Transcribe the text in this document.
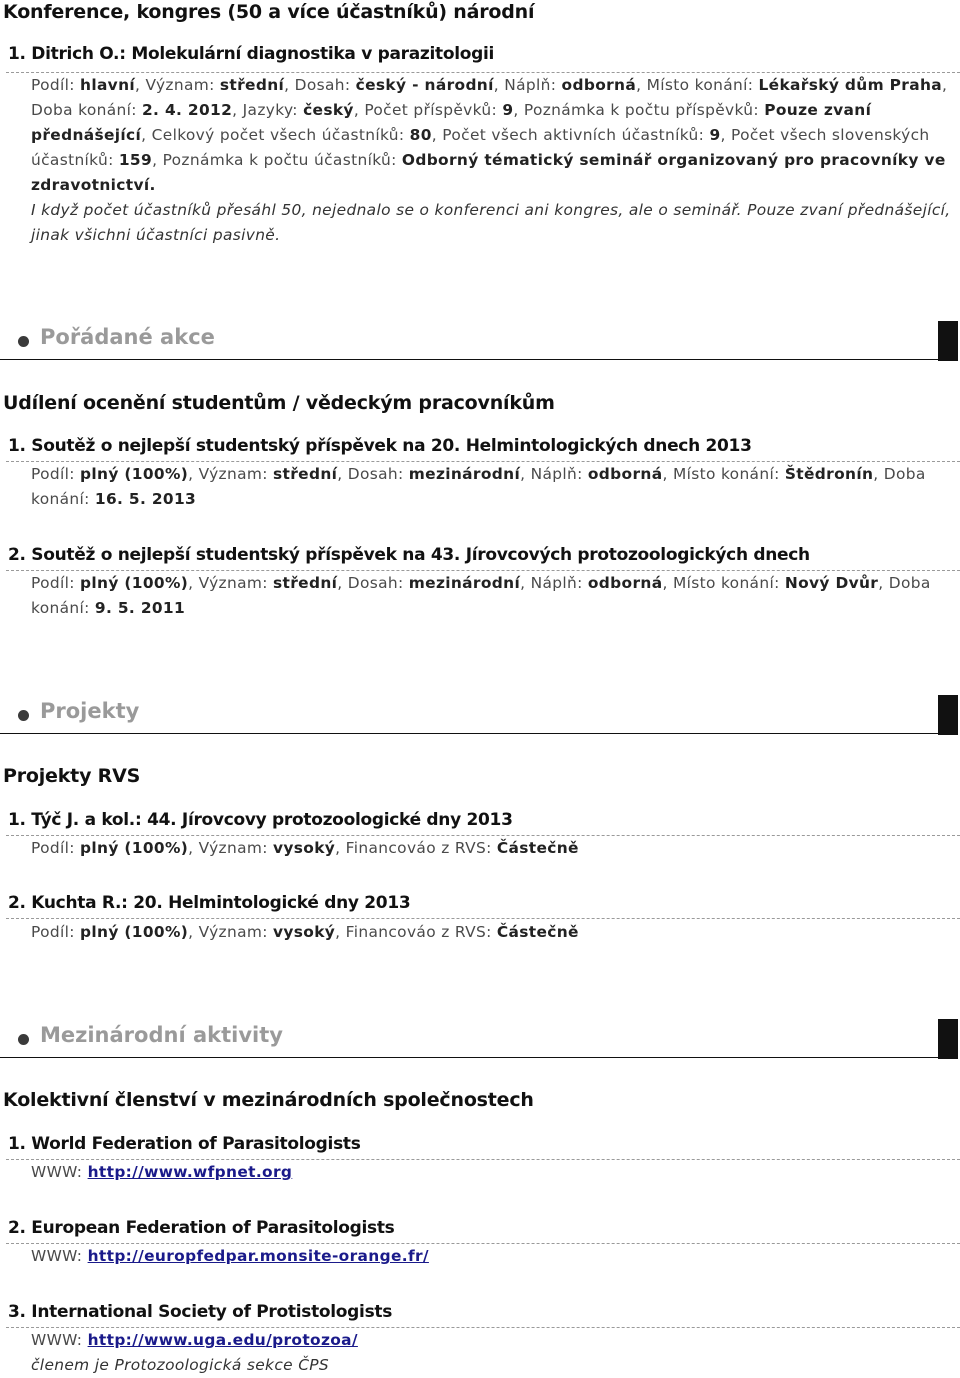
Konference, kongres (50 a více účastníků) národní
1. Ditrich O.: Molekulární diagnostika v parazitologii
Podíl: hlavní, Význam: střední, Dosah: český - národní, Náplň: odborná, Místo konání: Lékařský dům Praha, Doba konání: 2. 4. 2012, Jazyky: český, Počet příspěvků: 9, Poznámka k počtu příspěvků: Pouze zvaní přednášející, Celkový počet všech účastníků: 80, Počet všech aktivních účastníků: 9, Počet všech slovenských účastníků: 159, Poznámka k počtu účastníků: Odborný tématický seminář organizovaný pro pracovníky ve zdravotnictví.
I když počet účastníků přesáhl 50, nejednalo se o konferenci ani kongres, ale o seminář. Pouze zvaní přednášející, jinak všichni účastníci pasivně.
Pořádané akce
Udílení ocenění studentům / vědeckým pracovníkům
1. Soutěž o nejlepší studentský příspěvek na 20. Helmintologických dnech 2013
Podíl: plný (100%), Význam: střední, Dosah: mezinárodní, Náplň: odborná, Místo konání: Štědronín, Doba konání: 16. 5. 2013
2. Soutěž o nejlepší studentský příspěvek na 43. Jírovcových protozoologických dnech
Podíl: plný (100%), Význam: střední, Dosah: mezinárodní, Náplň: odborná, Místo konání: Nový Dvůr, Doba konání: 9. 5. 2011
Projekty
Projekty RVS
1. Týč J. a kol.: 44. Jírovcovy protozoologické dny 2013
Podíl: plný (100%), Význam: vysoký, Financováo z RVS: Částečně
2. Kuchta R.: 20. Helmintologické dny 2013
Podíl: plný (100%), Význam: vysoký, Financováo z RVS: Částečně
Mezinárodní aktivity
Kolektivní členství v mezinárodních společnostech
1. World Federation of Parasitologists
WWW: http://www.wfpnet.org
2. European Federation of Parasitologists
WWW: http://europfedpar.monsite-orange.fr/
3. International Society of Protistologists
WWW: http://www.uga.edu/protozoa/
členem je Protozoologická sekce ČPS
